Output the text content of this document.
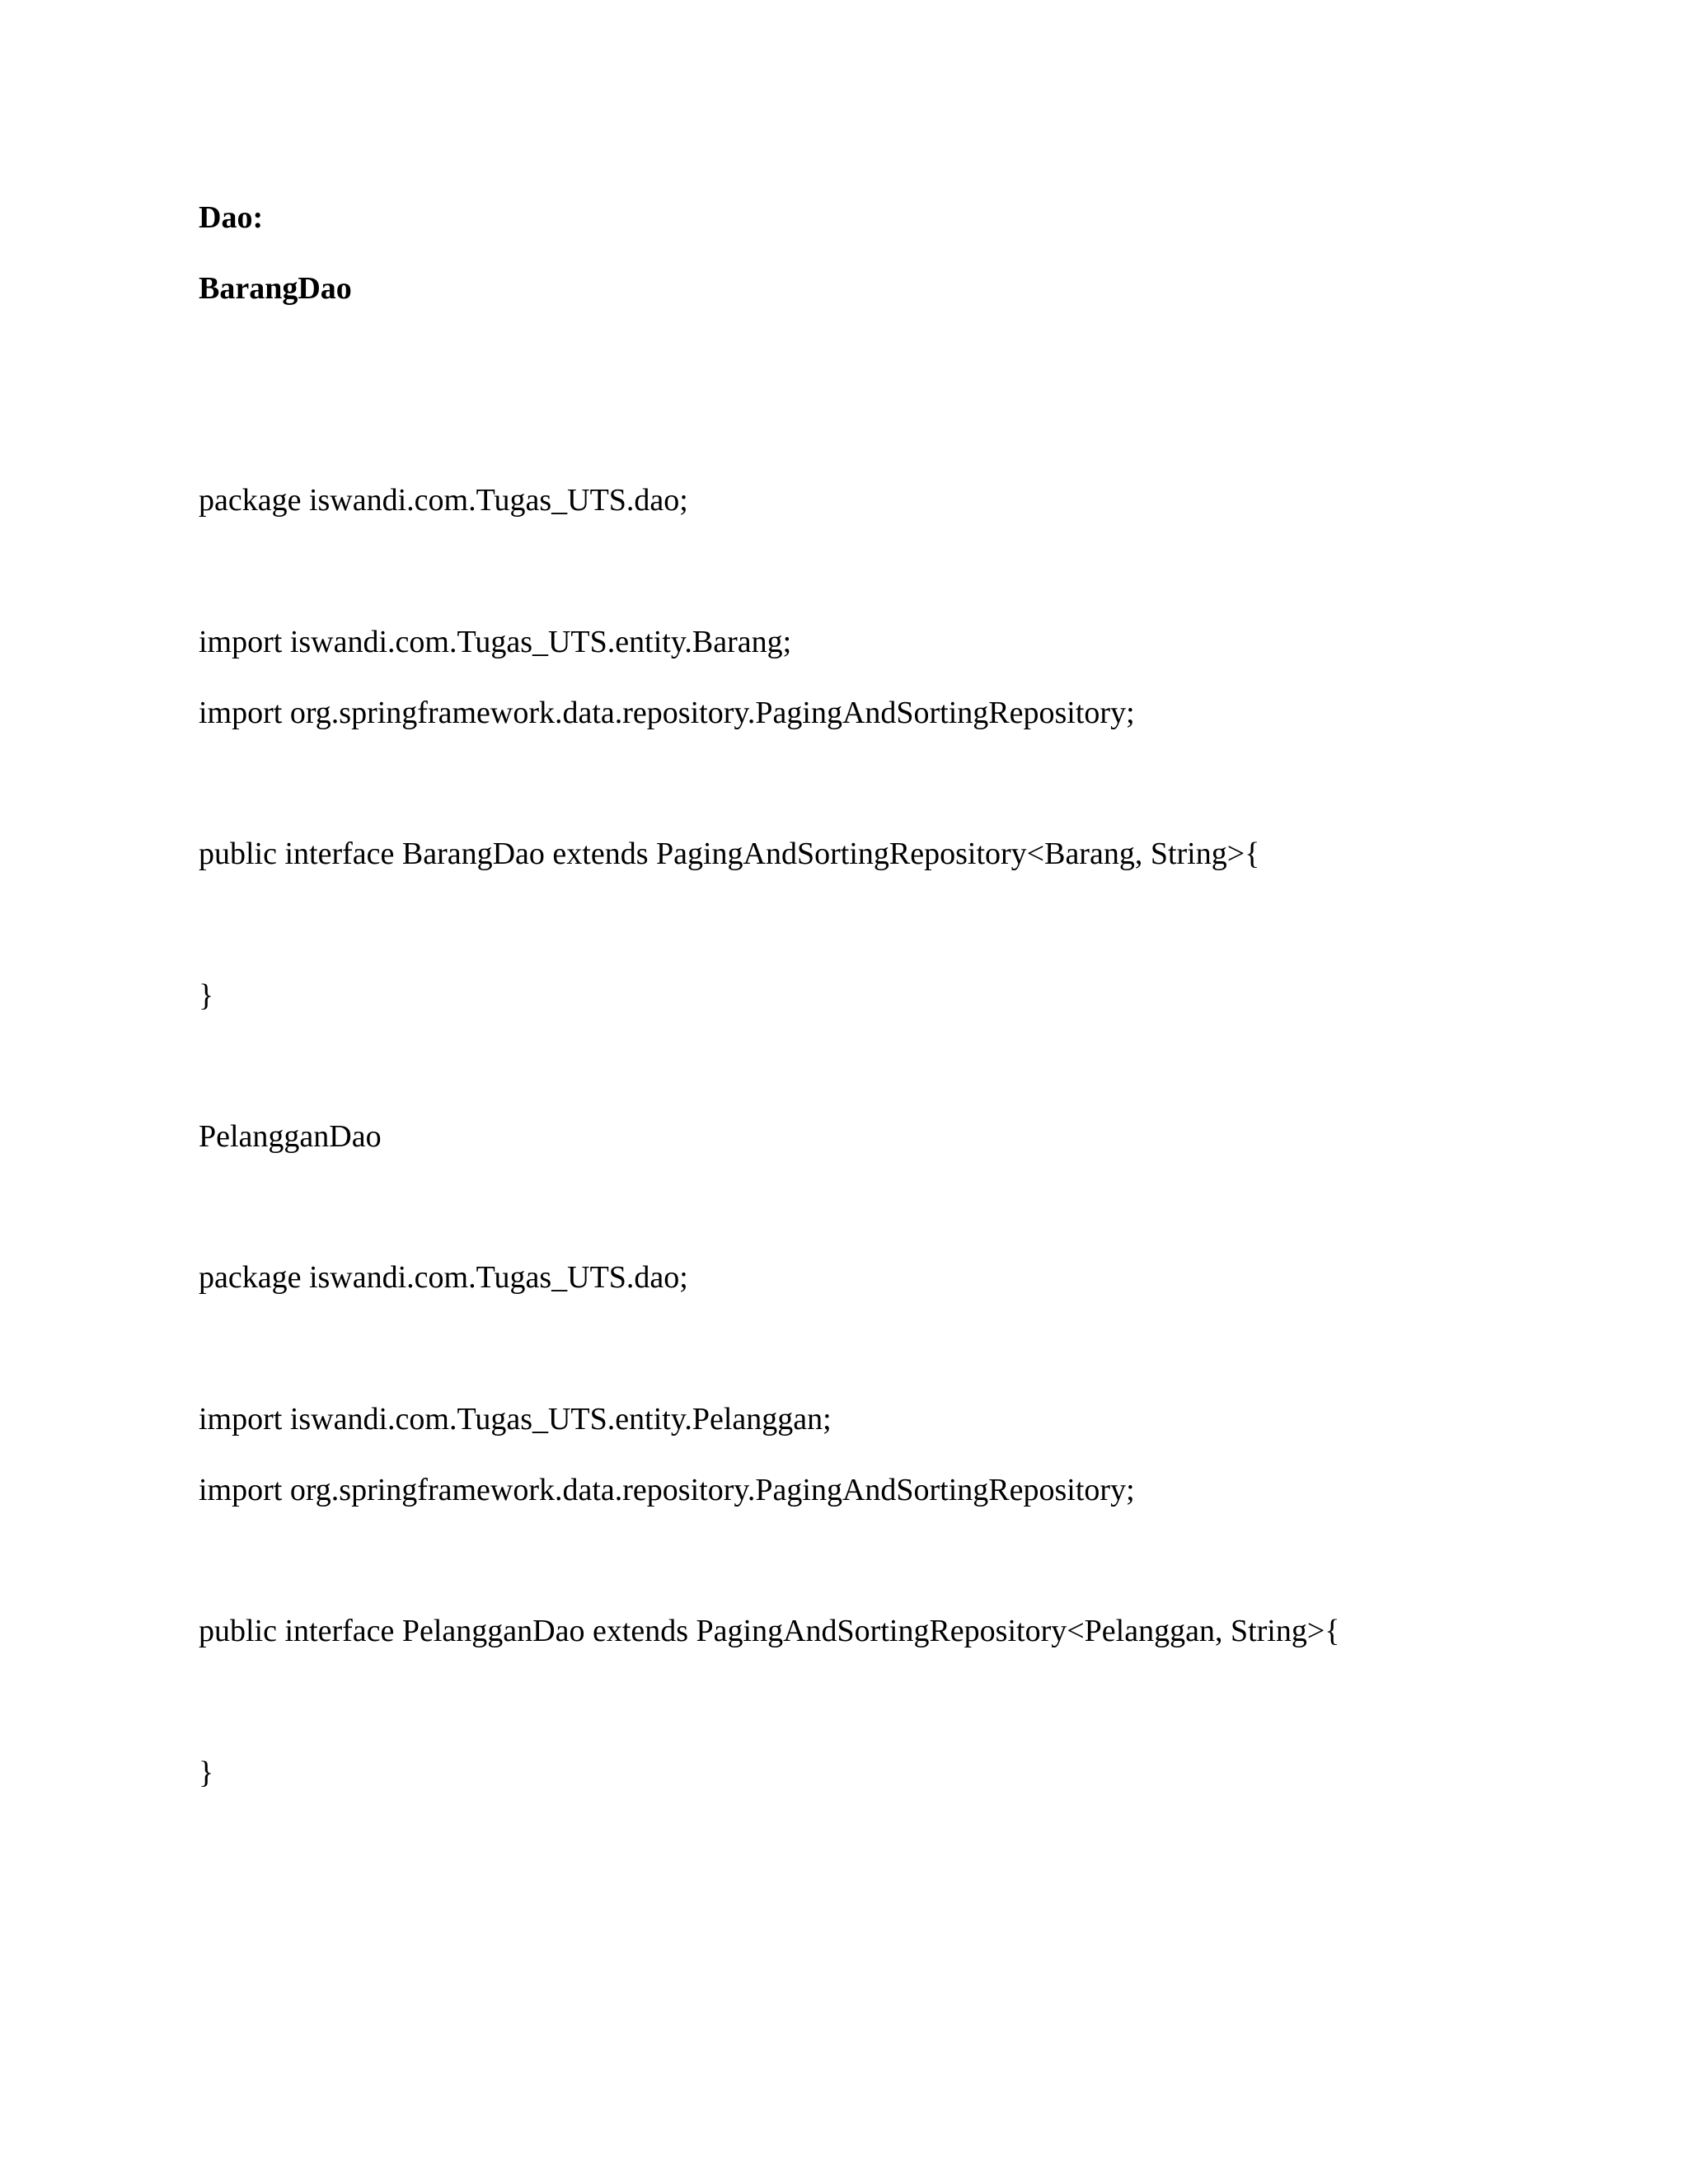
Dao:
BarangDao
package iswandi.com.Tugas_UTS.dao;
import iswandi.com.Tugas_UTS.entity.Barang;
import org.springframework.data.repository.PagingAndSortingRepository;
public interface BarangDao extends PagingAndSortingRepository<Barang, String>{
}
PelangganDao
package iswandi.com.Tugas_UTS.dao;
import iswandi.com.Tugas_UTS.entity.Pelanggan;
import org.springframework.data.repository.PagingAndSortingRepository;
public interface PelangganDao extends PagingAndSortingRepository<Pelanggan, String>{
}
